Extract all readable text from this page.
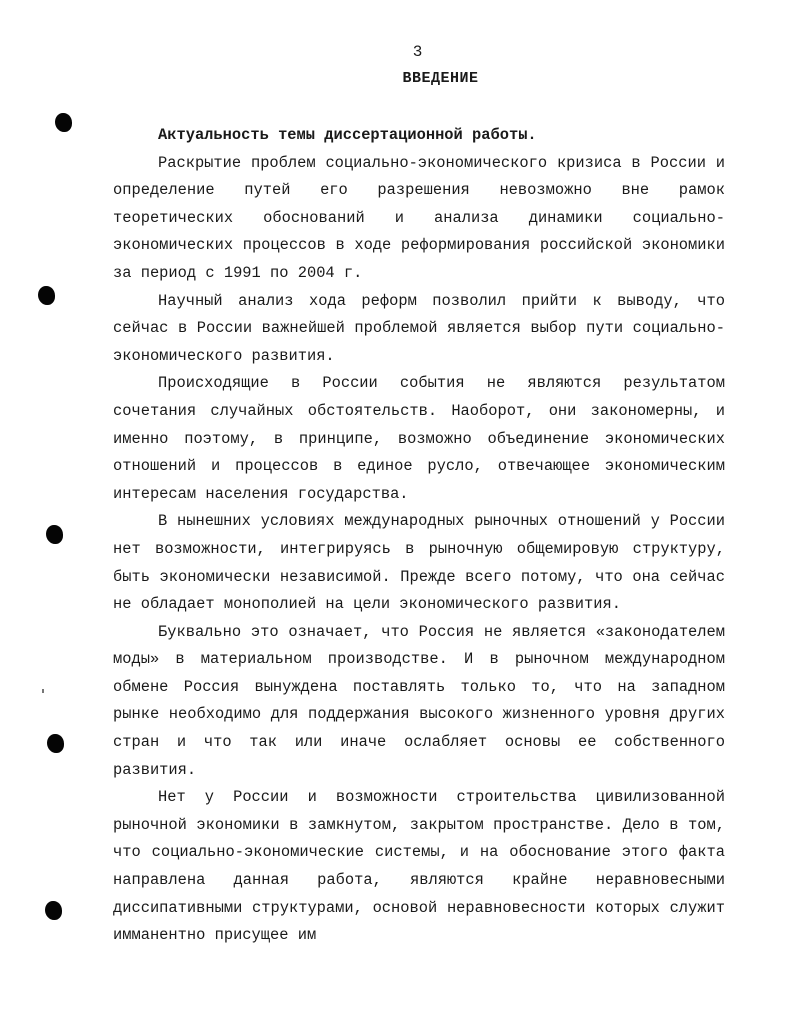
3
ВВЕДЕНИЕ

Актуальность темы диссертационной работы.

Раскрытие проблем социально-экономического кризиса в России и определение путей его разрешения невозможно вне рамок теоретических обоснований и анализа динамики социально-экономических процессов в ходе реформирования российской экономики за период с 1991 по 2004 г.

Научный анализ хода реформ позволил прийти к выводу, что сейчас в России важнейшей проблемой является выбор пути социально-экономического развития.

Происходящие в России события не являются результатом сочетания случайных обстоятельств. Наоборот, они закономерны, и именно поэтому, в принципе, возможно объединение экономических отношений и процессов в единое русло, отвечающее экономическим интересам населения государства.

В нынешних условиях международных рыночных отношений у России нет возможности, интегрируясь в рыночную общемировую структуру, быть экономически независимой. Прежде всего потому, что она сейчас не обладает монополией на цели экономического развития.

Буквально это означает, что Россия не является «законодателем моды» в материальном производстве. И в рыночном международном обмене Россия вынуждена поставлять только то, что на западном рынке необходимо для поддержания высокого жизненного уровня других стран и что так или иначе ослабляет основы ее собственного развития.

Нет у России и возможности строительства цивилизованной рыночной экономики в замкнутом, закрытом пространстве. Дело в том, что социально-экономические системы, и на обоснование этого факта направлена данная работа, являются крайне неравновесными диссипативными структурами, основой неравновесности которых служит имманентно присущее им
